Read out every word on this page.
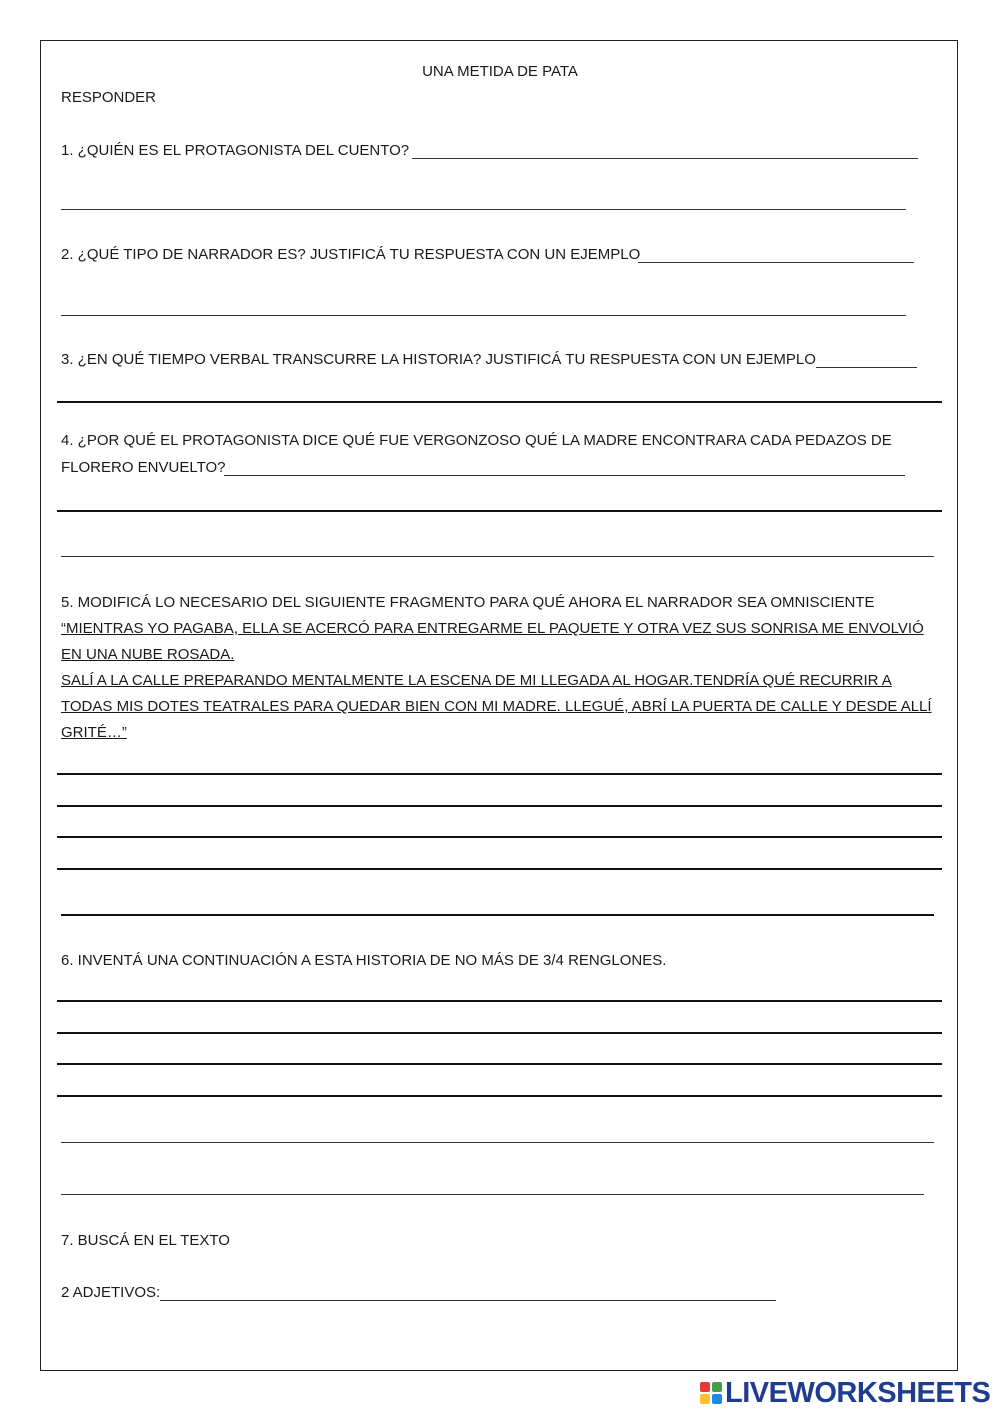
UNA METIDA DE PATA
RESPONDER
1. ¿QUIÉN ES EL PROTAGONISTA DEL CUENTO?
2. ¿QUÉ TIPO DE NARRADOR ES? JUSTIFICÁ TU RESPUESTA CON UN EJEMPLO
3. ¿EN QUÉ TIEMPO VERBAL TRANSCURRE LA HISTORIA? JUSTIFICÁ TU RESPUESTA CON UN EJEMPLO
4. ¿POR QUÉ EL PROTAGONISTA DICE QUÉ FUE VERGONZOSO QUÉ LA MADRE ENCONTRARA CADA PEDAZOS DE
FLORERO ENVUELTO?
5. MODIFICÁ LO NECESARIO DEL SIGUIENTE FRAGMENTO PARA QUÉ AHORA EL NARRADOR SEA OMNISCIENTE
“MIENTRAS YO PAGABA, ELLA SE ACERCÓ PARA ENTREGARME EL PAQUETE Y OTRA VEZ SUS SONRISA ME ENVOLVIÓ
EN UNA NUBE ROSADA.
SALÍ A LA CALLE PREPARANDO MENTALMENTE LA ESCENA DE MI LLEGADA AL HOGAR.TENDRÍA QUÉ RECURRIR A
TODAS MIS DOTES TEATRALES PARA QUEDAR BIEN CON MI MADRE. LLEGUÉ, ABRÍ LA PUERTA DE CALLE Y DESDE ALLÍ
GRITÉ…”
6. INVENTÁ UNA CONTINUACIÓN A ESTA HISTORIA DE NO MÁS DE 3/4 RENGLONES.
7. BUSCÁ EN EL TEXTO
2 ADJETIVOS:
LIVEWORKSHEETS
